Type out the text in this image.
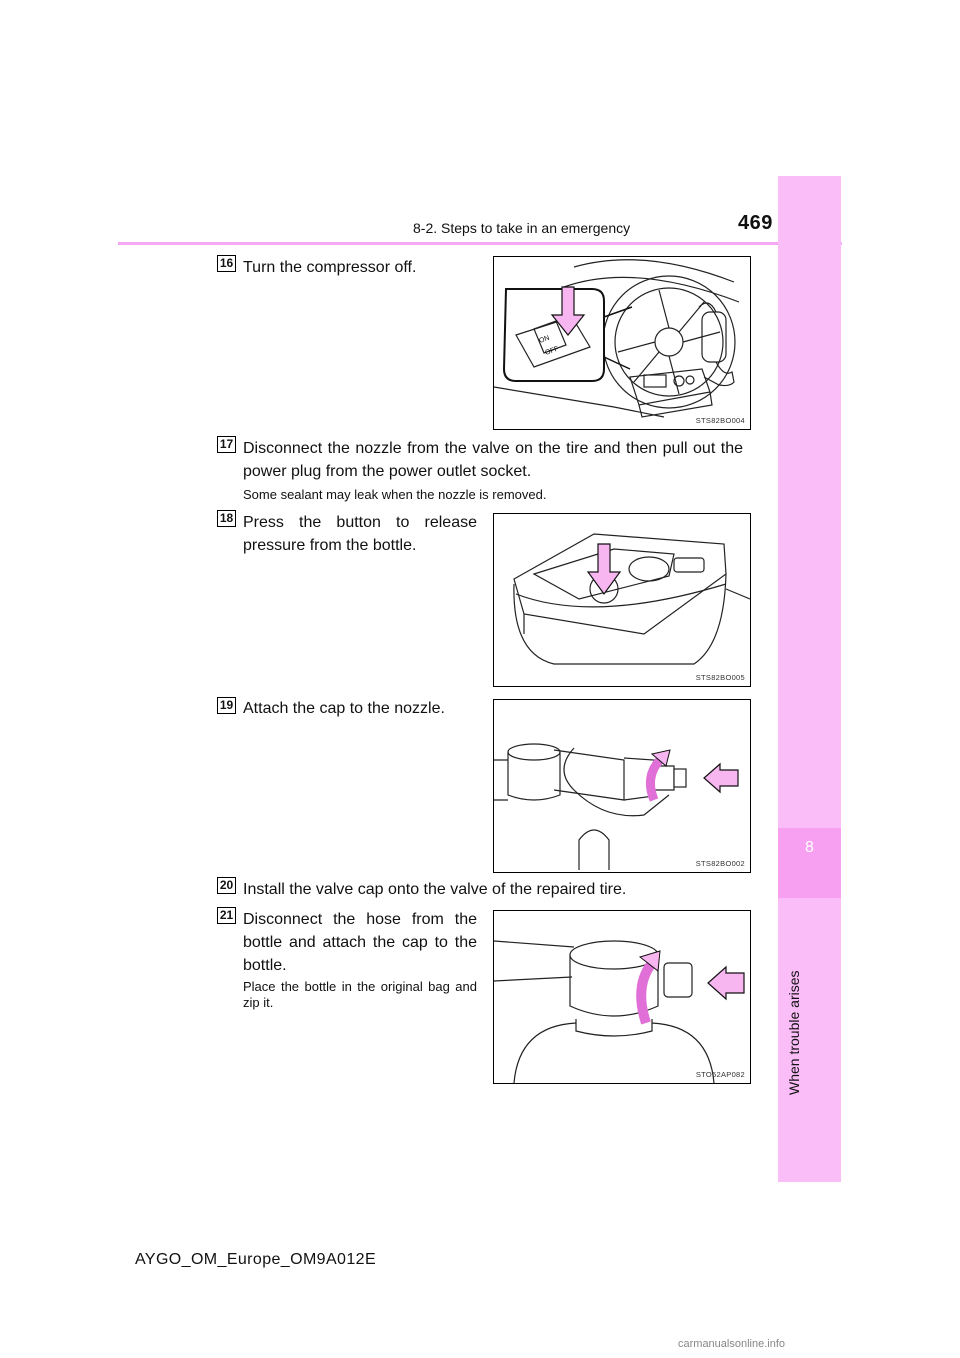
8-2. Steps to take in an emergency	469
8
When trouble arises
16 Turn the compressor off.
ON
OFF
STS82BO004
17 Disconnect the nozzle from the valve on the tire and then pull out the power plug from the power outlet socket.
Some sealant may leak when the nozzle is removed.
18 Press the button to release pressure from the bottle.
STS82BO005
19 Attach the cap to the nozzle.
STS82BO002
20 Install the valve cap onto the valve of the repaired tire.
21 Disconnect the hose from the bottle and attach the cap to the bottle.
Place the bottle in the original bag and zip it.
STO52AP082
AYGO_OM_Europe_OM9A012E
carmanualsonline.info
